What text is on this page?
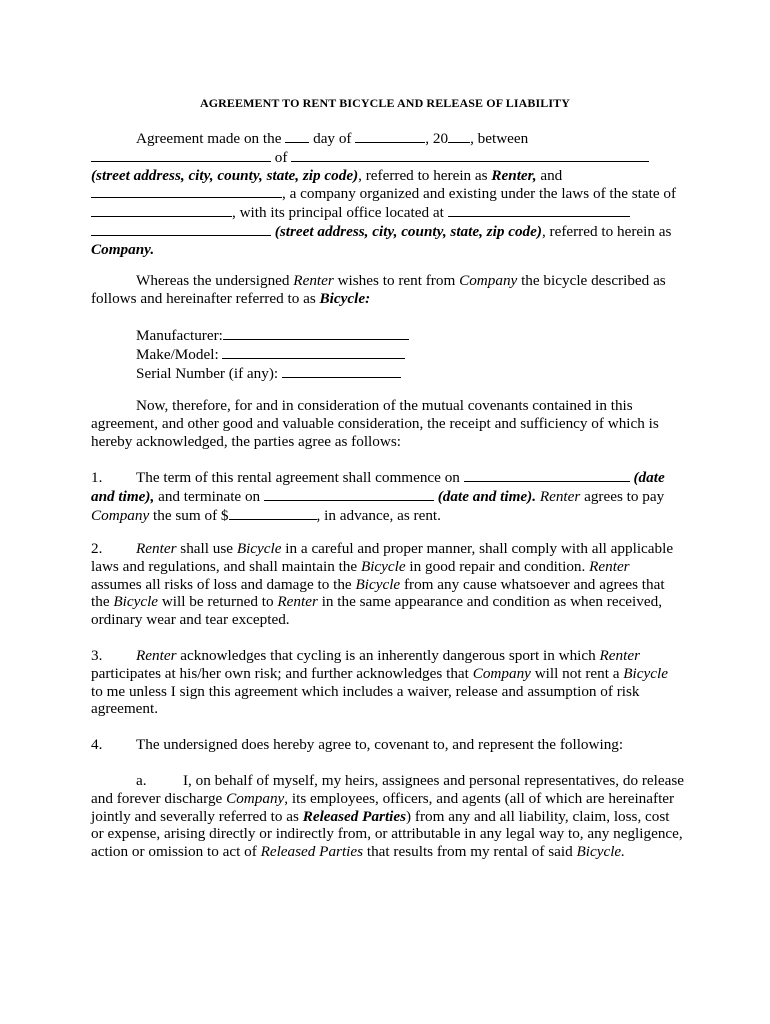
AGREEMENT TO RENT BICYCLE AND RELEASE OF LIABILITY
Agreement made on the day of	, 20 , between
of
(street address, city, county, state, zip code), referred to herein as Renter, and
, a company organized and existing under the laws of the state of
, with its principal office located at
(street address, city, county, state, zip code), referred to herein as
Company.
Whereas the undersigned Renter wishes to rent from Company the bicycle described as
follows and hereinafter referred to as Bicycle:
Manufacturer:
Make/Model:
Serial Number (if any):
Now, therefore, for and in consideration of the mutual covenants contained in this
agreement, and other good and valuable consideration, the receipt and sufficiency of which is
hereby acknowledged, the parties agree as follows:
1. The term of this rental agreement shall commence on	(date
and time), and terminate on	(date and time). Renter agrees to pay
Company the sum of $	, in advance, as rent.
2. Renter shall use Bicycle in a careful and proper manner, shall comply with all applicable
laws and regulations, and shall maintain the Bicycle in good repair and condition. Renter
assumes all risks of loss and damage to the Bicycle from any cause whatsoever and agrees that
the Bicycle will be returned to Renter in the same appearance and condition as when received,
ordinary wear and tear excepted.
3. Renter acknowledges that cycling is an inherently dangerous sport in which Renter
participates at his/her own risk; and further acknowledges that Company will not rent a Bicycle
to me unless I sign this agreement which includes a waiver, release and assumption of risk
agreement.
4. The undersigned does hereby agree to, covenant to, and represent the following:
a. I, on behalf of myself, my heirs, assignees and personal representatives, do release
and forever discharge Company, its employees, officers, and agents (all of which are hereinafter
jointly and severally referred to as Released Parties) from any and all liability, claim, loss, cost
or expense, arising directly or indirectly from, or attributable in any legal way to, any negligence,
action or omission to act of Released Parties that results from my rental of said Bicycle.
